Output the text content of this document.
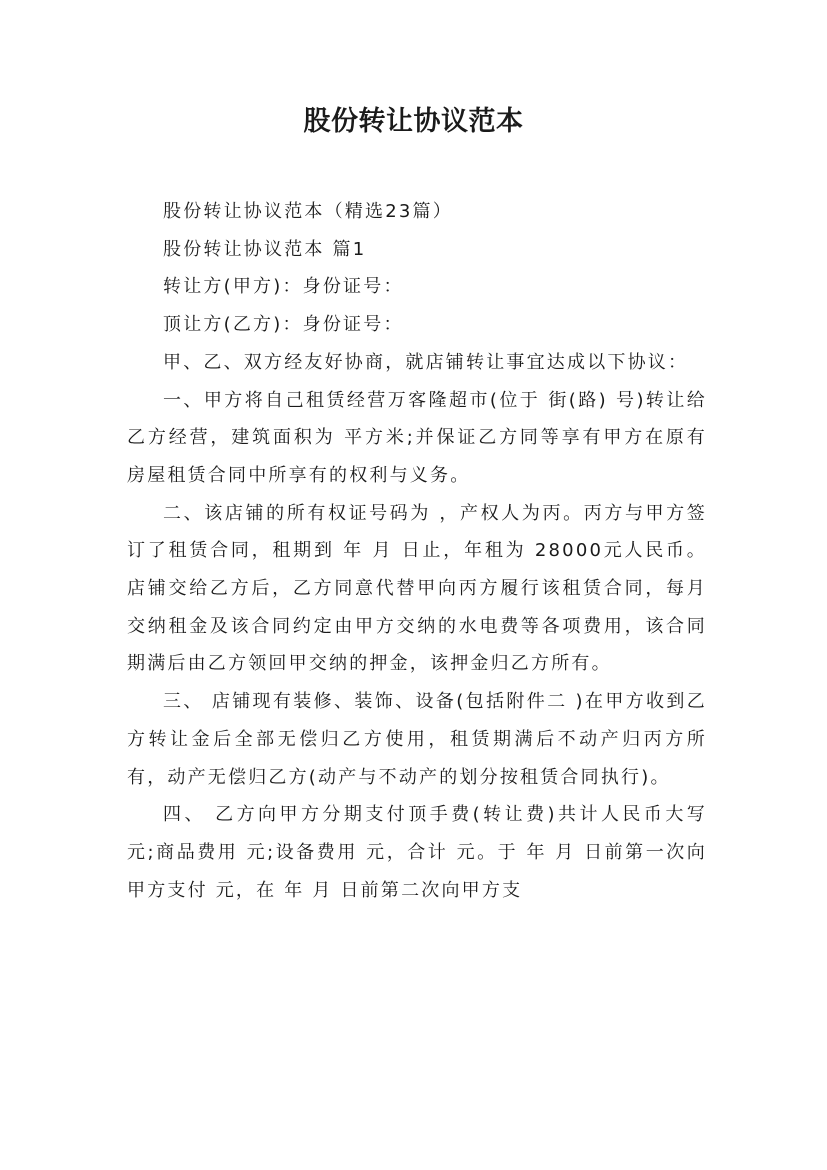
股份转让协议范本

股份转让协议范本（精选23篇）

股份转让协议范本 篇1

转让方(甲方)：身份证号：

顶让方(乙方)：身份证号：

甲、乙、双方经友好协商，就店铺转让事宜达成以下协议：

一、甲方将自己租赁经营万客隆超市(位于 街(路) 号)转让给乙方经营，建筑面积为 平方米;并保证乙方同等享有甲方在原有房屋租赁合同中所享有的权利与义务。

二、该店铺的所有权证号码为 ，产权人为丙。丙方与甲方签订了租赁合同，租期到 年 月 日止，年租为 28000元人民币。店铺交给乙方后，乙方同意代替甲向丙方履行该租赁合同，每月交纳租金及该合同约定由甲方交纳的水电费等各项费用，该合同期满后由乙方领回甲交纳的押金，该押金归乙方所有。

三、 店铺现有装修、装饰、设备(包括附件二 )在甲方收到乙方转让金后全部无偿归乙方使用，租赁期满后不动产归丙方所有，动产无偿归乙方(动产与不动产的划分按租赁合同执行)。

四、 乙方向甲方分期支付顶手费(转让费)共计人民币大写 元;商品费用 元;设备费用 元，合计 元。于 年 月 日前第一次向甲方支付 元，在 年 月 日前第二次向甲方支
